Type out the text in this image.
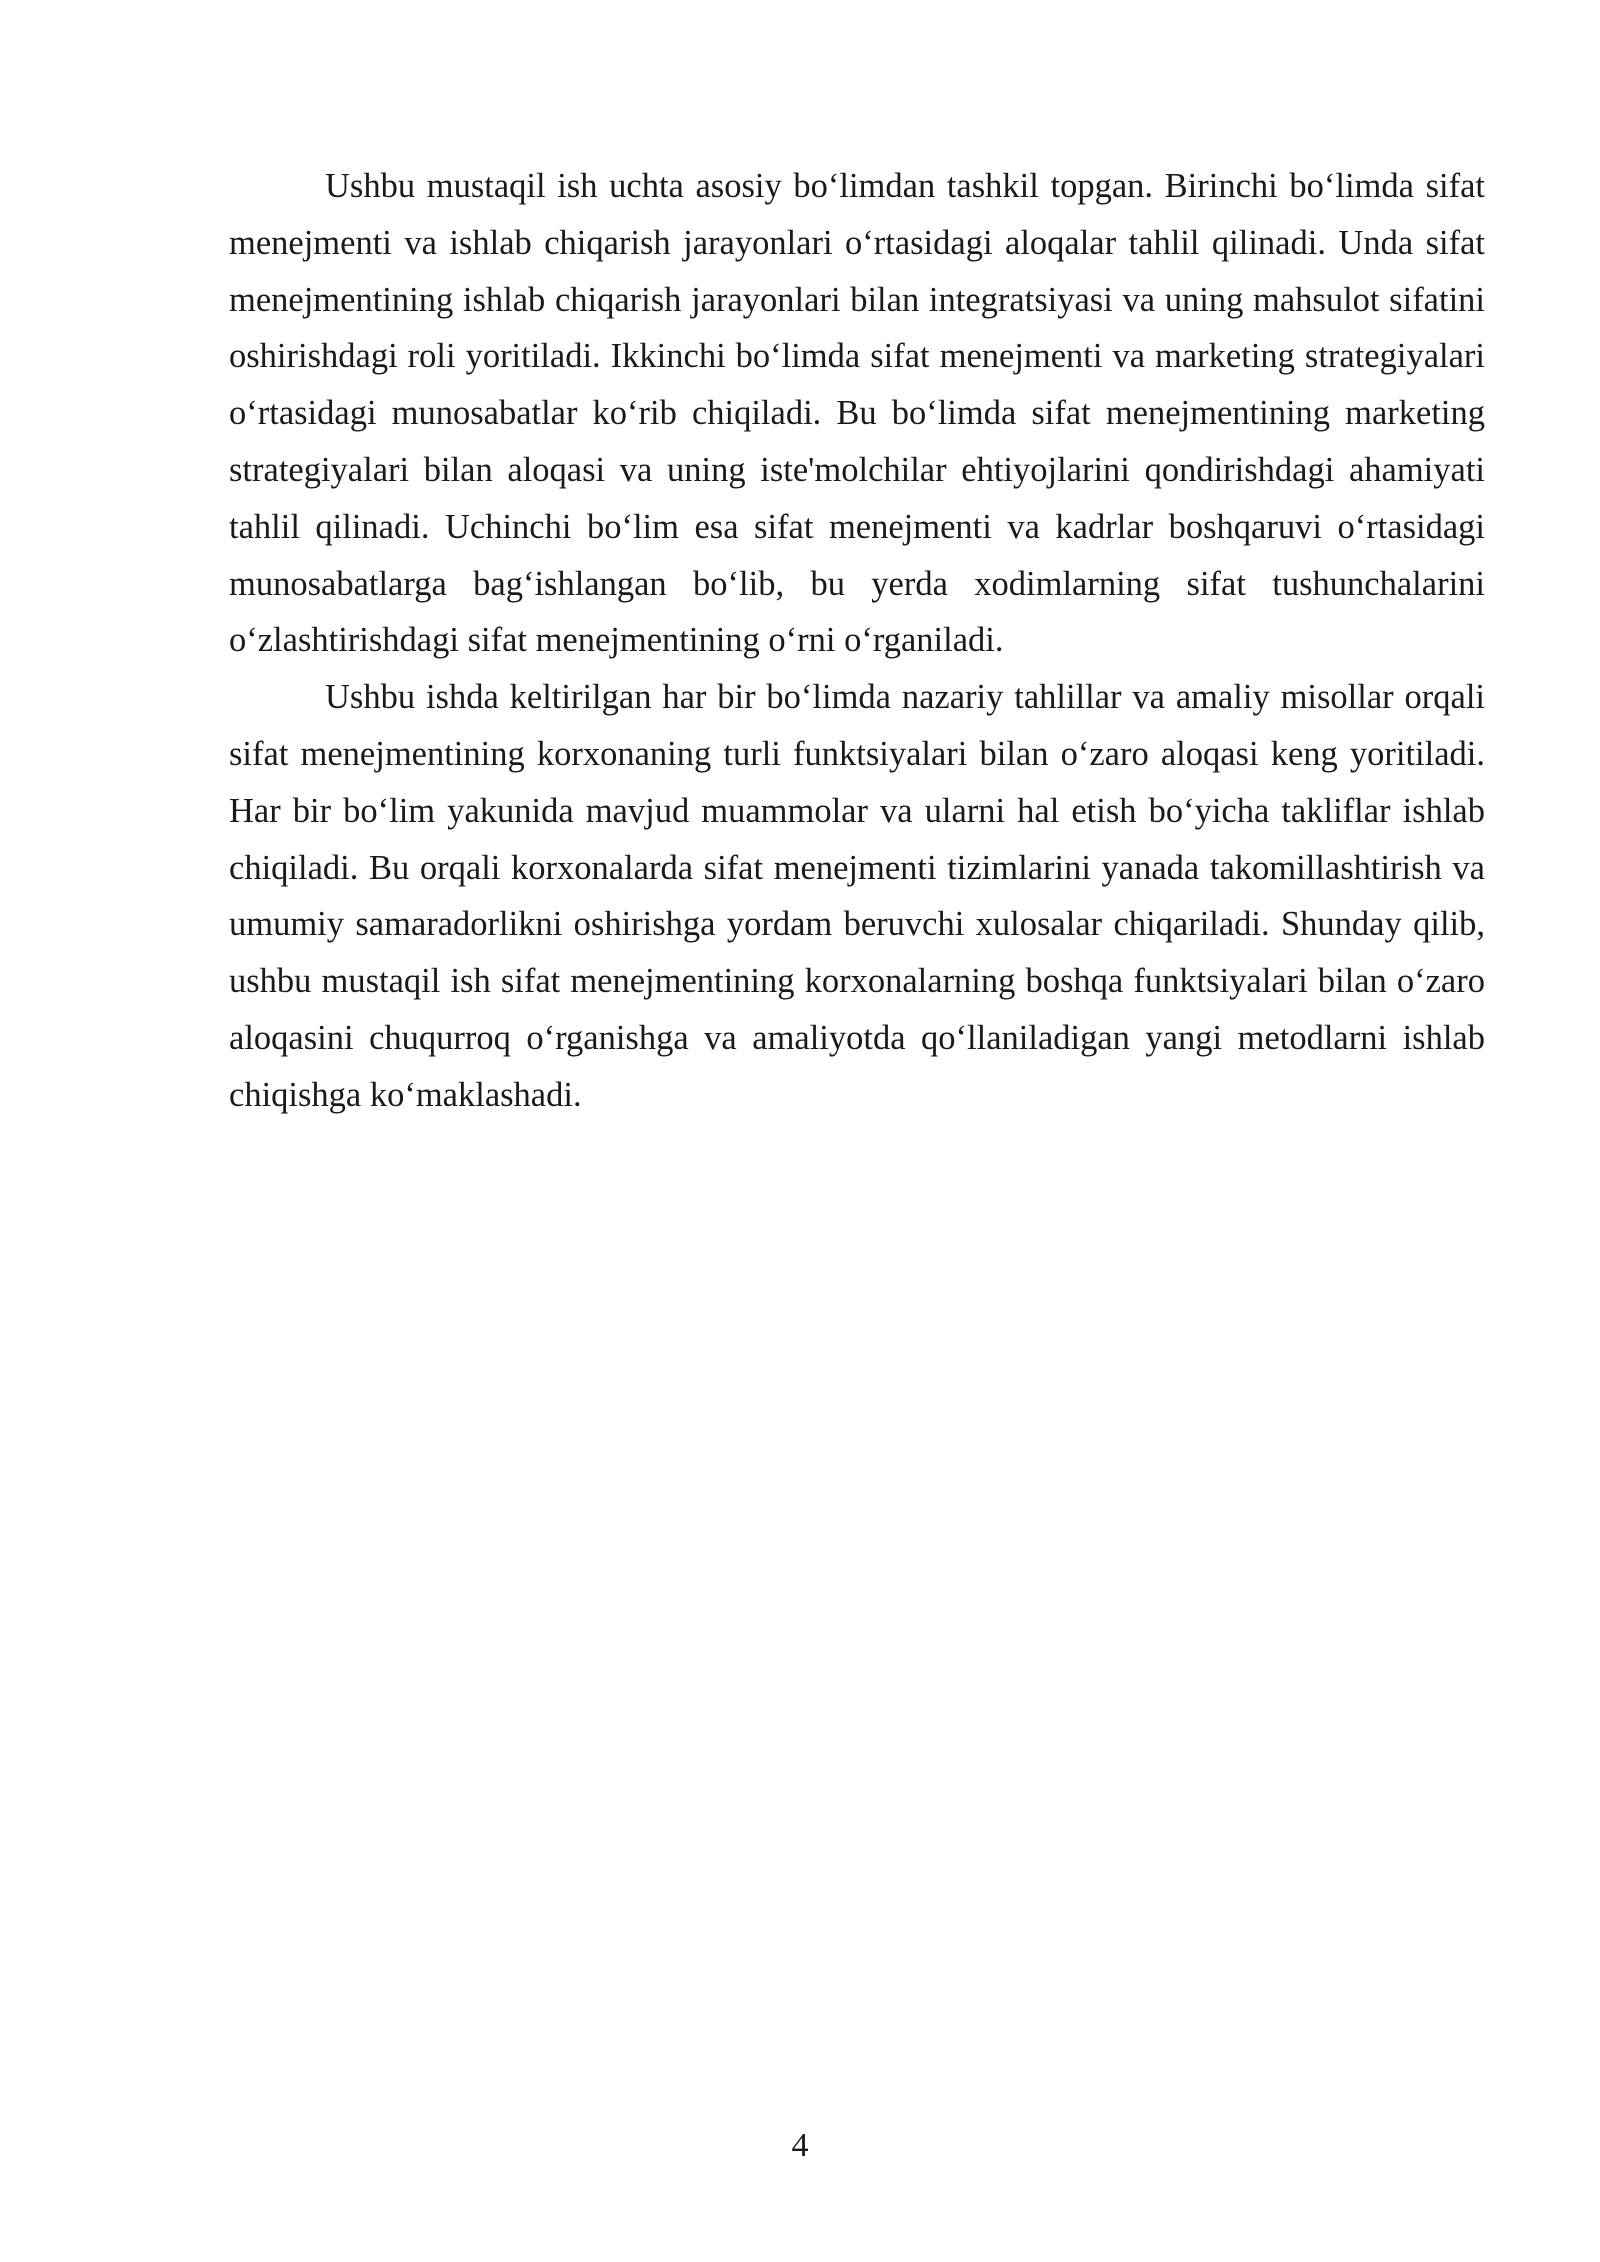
Ushbu mustaqil ish uchta asosiy bo‘limdan tashkil topgan. Birinchi bo‘limda sifat menejmenti va ishlab chiqarish jarayonlari o‘rtasidagi aloqalar tahlil qilinadi. Unda sifat menejmentining ishlab chiqarish jarayonlari bilan integratsiyasi va uning mahsulot sifatini oshirishdagi roli yoritiladi. Ikkinchi bo‘limda sifat menejmenti va marketing strategiyalari o‘rtasidagi munosabatlar ko‘rib chiqiladi. Bu bo‘limda sifat menejmentining marketing strategiyalari bilan aloqasi va uning iste'molchilar ehtiyojlarini qondirishdagi ahamiyati tahlil qilinadi. Uchinchi bo‘lim esa sifat menejmenti va kadrlar boshqaruvi o‘rtasidagi munosabatlarga bag‘ishlangan bo‘lib, bu yerda xodimlarning sifat tushunchalarini o‘zlashtirishdagi sifat menejmentining o‘rni o‘rganiladi.

Ushbu ishda keltirilgan har bir bo‘limda nazariy tahlillar va amaliy misollar orqali sifat menejmentining korxonaning turli funktsiyalari bilan o‘zaro aloqasi keng yoritiladi. Har bir bo‘lim yakunida mavjud muammolar va ularni hal etish bo‘yicha takliflar ishlab chiqiladi. Bu orqali korxonalarda sifat menejmenti tizimlarini yanada takomillashtirish va umumiy samaradorlikni oshirishga yordam beruvchi xulosalar chiqariladi. Shunday qilib, ushbu mustaqil ish sifat menejmentining korxonalarning boshqa funktsiyalari bilan o‘zaro aloqasini chuqurroq o‘rganishga va amaliyotda qo‘llaniladigan yangi metodlarni ishlab chiqishga ko‘maklashadi.

4
